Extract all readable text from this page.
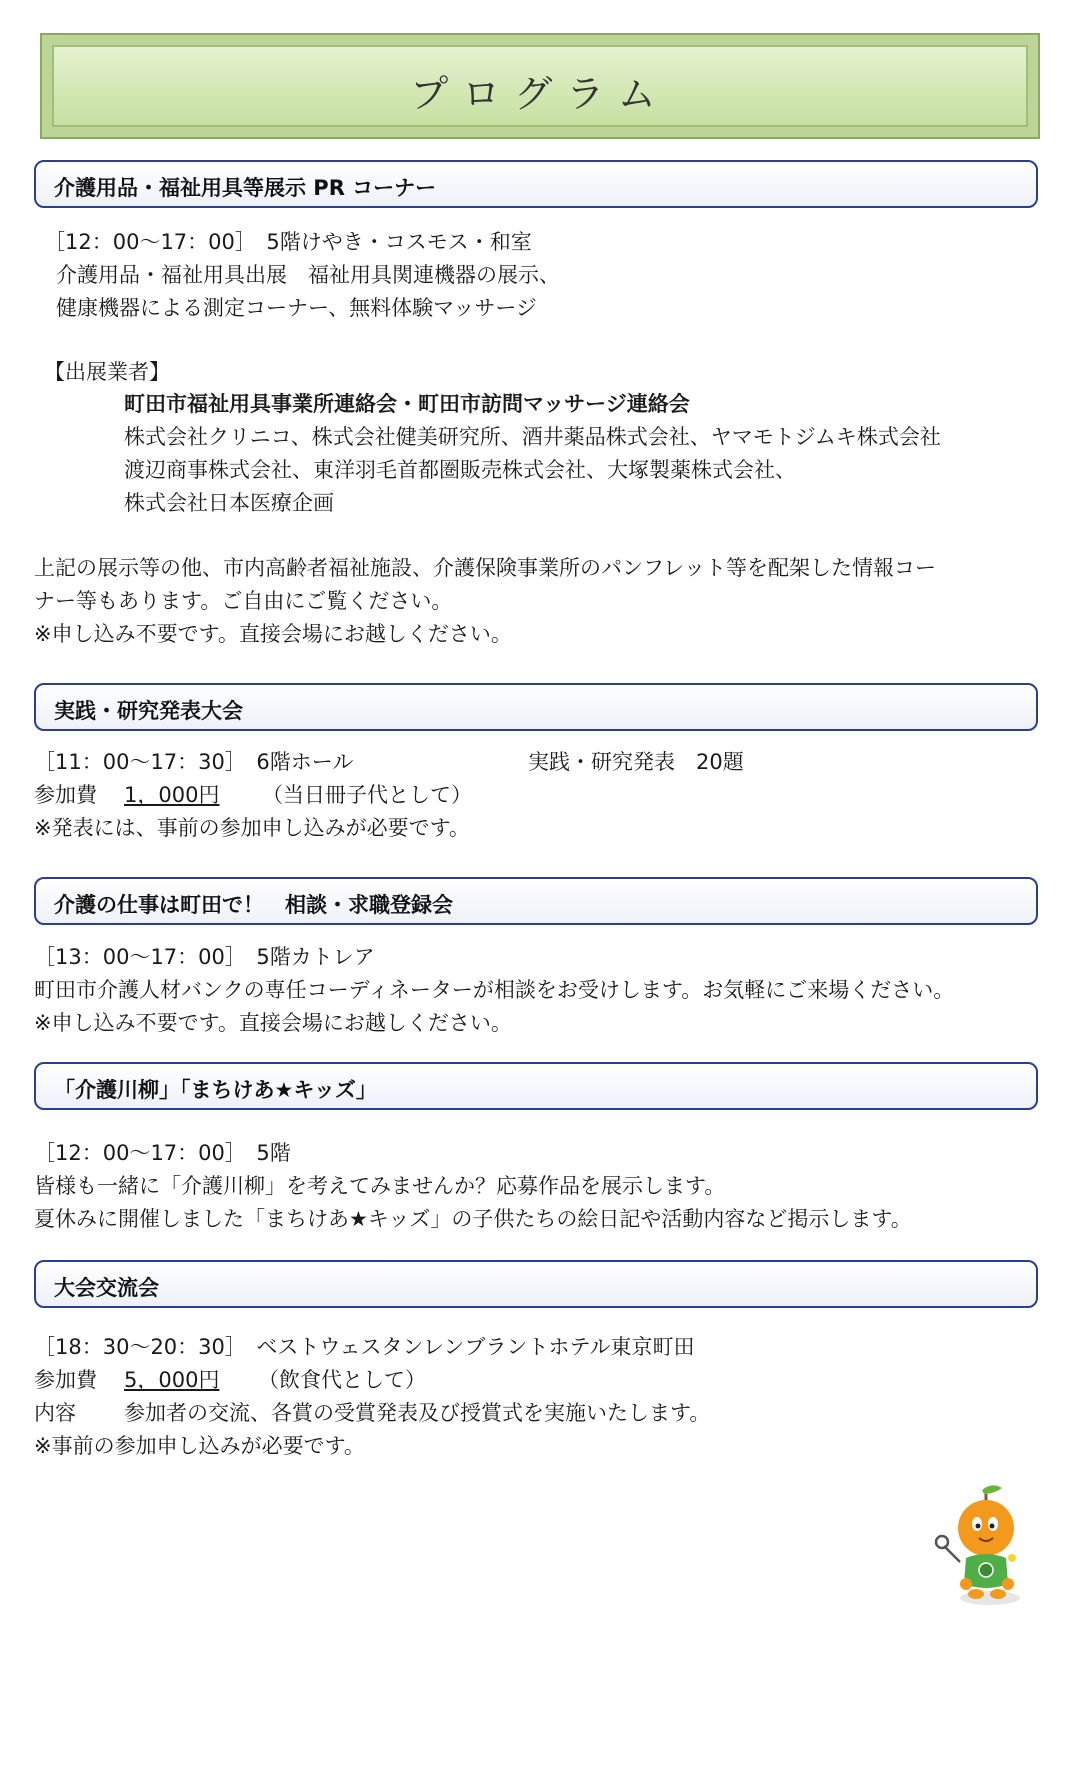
プログラム
介護用品・福祉用具等展示 PR コーナー
［12：00～17：00］　5階けやき・コスモス・和室
介護用品・福祉用具出展　福祉用具関連機器の展示、
健康機器による測定コーナー、無料体験マッサージ
【出展業者】
町田市福祉用具事業所連絡会・町田市訪問マッサージ連絡会
株式会社クリニコ、株式会社健美研究所、酒井薬品株式会社、ヤマモトジムキ株式会社
渡辺商事株式会社、東洋羽毛首都圏販売株式会社、大塚製薬株式会社、
株式会社日本医療企画
上記の展示等の他、市内高齢者福祉施設、介護保険事業所のパンフレット等を配架した情報コー
ナー等もあります。ご自由にご覧ください。
※申し込み不要です。直接会場にお越しください。
実践・研究発表大会
［11：00～17：30］　6階ホール	実践・研究発表　20題
参加費 1，000円 （当日冊子代として）
※発表には、事前の参加申し込みが必要です。
介護の仕事は町田で！　相談・求職登録会
［13：00～17：00］　5階カトレア
町田市介護人材バンクの専任コーディネーターが相談をお受けします。お気軽にご来場ください。
※申し込み不要です。直接会場にお越しください。
「介護川柳」「まちけあ★キッズ」
［12：00～17：00］　5階
皆様も一緒に「介護川柳」を考えてみませんか？応募作品を展示します。
夏休みに開催しました「まちけあ★キッズ」の子供たちの絵日記や活動内容など掲示します。
大会交流会
［18：30～20：30］　ベストウェスタンレンブラントホテル東京町田
参加費 5，000円 （飲食代として）
内容 参加者の交流、各賞の受賞発表及び授賞式を実施いたします。
※事前の参加申し込みが必要です。
